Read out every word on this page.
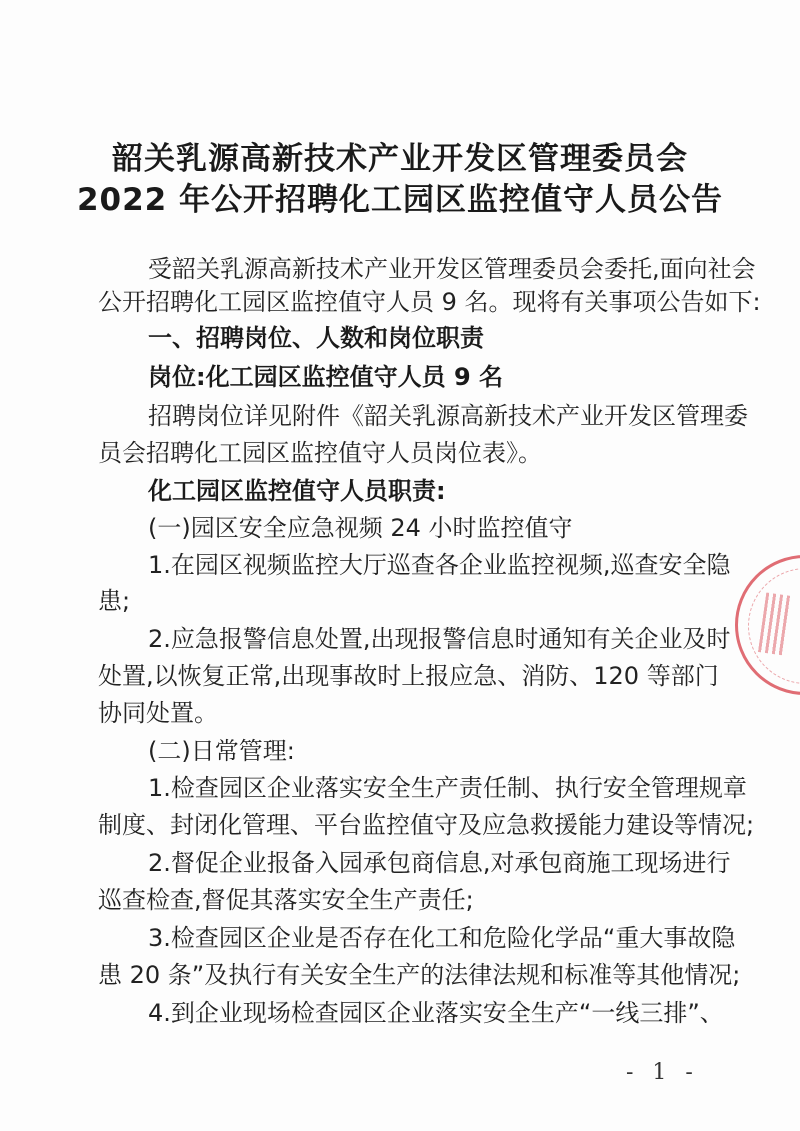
韶关乳源高新技术产业开发区管理委员会
2022 年公开招聘化工园区监控值守人员公告
受韶关乳源高新技术产业开发区管理委员会委托,面向社会
公开招聘化工园区监控值守人员 9 名。现将有关事项公告如下:
一、招聘岗位、人数和岗位职责
岗位:化工园区监控值守人员 9 名
招聘岗位详见附件《韶关乳源高新技术产业开发区管理委
员会招聘化工园区监控值守人员岗位表》。
化工园区监控值守人员职责:
(一)园区安全应急视频 24 小时监控值守
1.在园区视频监控大厅巡查各企业监控视频,巡查安全隐
患;
2.应急报警信息处置,出现报警信息时通知有关企业及时
处置,以恢复正常,出现事故时上报应急、消防、120 等部门
协同处置。
(二)日常管理:
1.检查园区企业落实安全生产责任制、执行安全管理规章
制度、封闭化管理、平台监控值守及应急救援能力建设等情况;
2.督促企业报备入园承包商信息,对承包商施工现场进行
巡查检查,督促其落实安全生产责任;
3.检查园区企业是否存在化工和危险化学品“重大事故隐
患 20 条”及执行有关安全生产的法律法规和标准等其他情况;
4.到企业现场检查园区企业落实安全生产“一线三排”、
- 1 -
